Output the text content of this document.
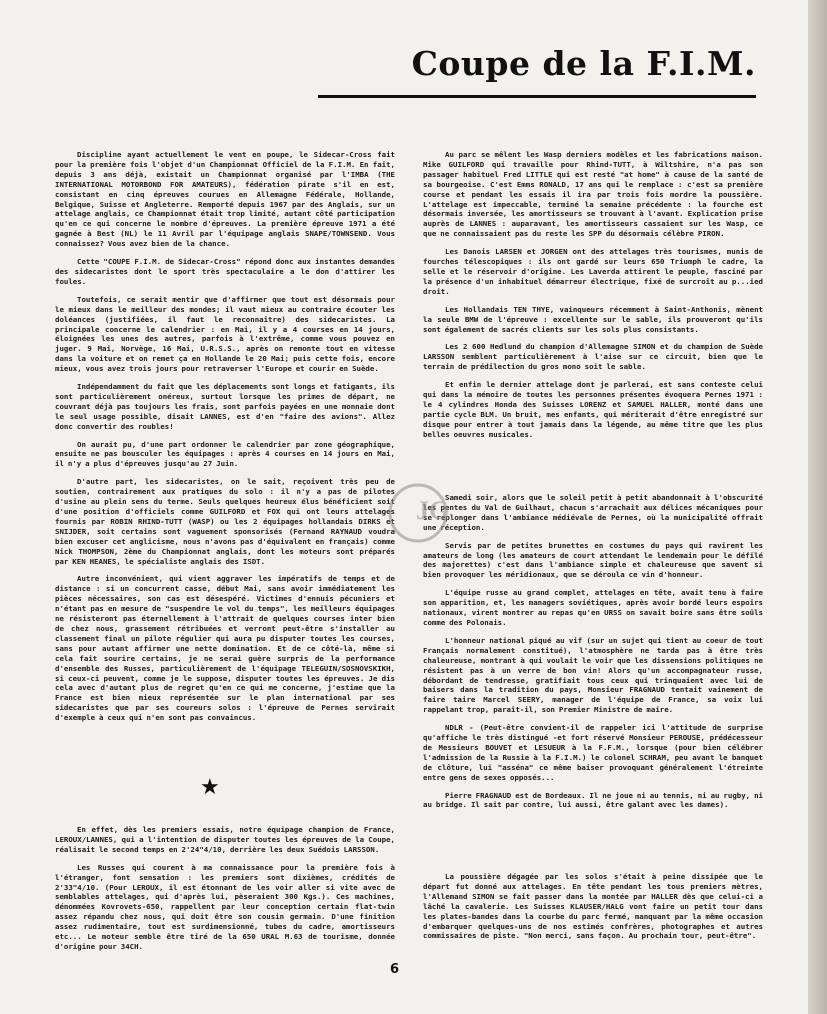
Coupe de la F.I.M.

Discipline ayant actuellement le vent en poupe, le Sidecar-Cross fait pour la première fois l'objet d'un Championnat Officiel de la F.I.M. En fait, depuis 3 ans déjà, existait un Championnat organisé par l'IMBA (THE INTERNATIONAL MOTORBOND FOR AMATEURS), fédération pirate s'il en est, consistant en cinq épreuves courues en Allemagne Fédérale, Hollande, Belgique, Suisse et Angleterre. Remporté depuis 1967 par des Anglais, sur un attelage anglais, ce Championnat était trop limité, autant côté participation qu'en ce qui concerne le nombre d'épreuves. La première épreuve 1971 a été gagnée à Best (NL) le 11 Avril par l'équipage anglais SNAPE/TOWNSEND. Vous connaissez? Vous avez bien de la chance.

Cette "COUPE F.I.M. de Sidecar-Cross" répond donc aux instantes demandes des sidecaristes dont le sport très spectaculaire a le don d'attirer les foules.

Toutefois, ce serait mentir que d'affirmer que tout est désormais pour le mieux dans le meilleur des mondes; il vaut mieux au contraire écouter les doléances (justifiées, il faut le reconnaître) des sidecaristes. La principale concerne le calendrier : en Mai, il y a 4 courses en 14 jours, éloignées les unes des autres, parfois à l'extrême, comme vous pouvez en juger. 9 Mai, Norvège, 16 Mai, U.R.S.S., après on remonte tout en vitesse dans la voiture et on remet ça en Hollande le 20 Mai; puis cette fois, encore mieux, vous avez trois jours pour retraverser l'Europe et courir en Suède.

Indépendamment du fait que les déplacements sont longs et fatigants, ils sont particulièrement onéreux, surtout lorsque les primes de départ, ne couvrant déjà pas toujours les frais, sont parfois payées en une monnaie dont le seul usage possible, disait LANNES, est d'en "faire des avions". Allez donc convertir des roubles!

On aurait pu, d'une part ordonner le calendrier par zone géographique, ensuite ne pas bousculer les équipages : après 4 courses en 14 jours en Mai, il n'y a plus d'épreuves jusqu'au 27 Juin.

D'autre part, les sidecaristes, on le sait, reçoivent très peu de soutien, contrairement aux pratiques du solo : il n'y a pas de pilotes d'usine au plein sens du terme. Seuls quelques heureux élus bénéficient soit d'une position d'officiels comme GUILFORD et FOX qui ont leurs attelages fournis par ROBIN RHIND-TUTT (WASP) ou les 2 équipages hollandais DIRKS et SNIJDER, soit certains sont vaguement sponsorisés (Fernand RAYNAUD voudra bien excuser cet anglicisme, nous n'avons pas d'équivalent en français) comme Nick THOMPSON, 2ème du Championnat anglais, dont les moteurs sont préparés par KEN HEANES, le spécialiste anglais des ISDT.

Autre inconvénient, qui vient aggraver les impératifs de temps et de distance : si un concurrent casse, début Mai, sans avoir immédiatement les pièces nécessaires, son cas est désespéré. Victimes d'ennuis pécuniers et n'étant pas en mesure de "suspendre le vol du temps", les meilleurs équipages ne résisteront pas éternellement à l'attrait de quelques courses inter bien de chez nous, grassement rétribuées et verront peut-être s'installer au classement final un pilote régulier qui aura pu disputer toutes les courses, sans pour autant affirmer une nette domination. Et de ce côté-là, même si cela fait sourire certains, je ne serai guère surpris de la performance d'ensemble des Russes, particulièrement de l'équipage TELEGUIN/SOSNOVSKIKH, si ceux-ci peuvent, comme je le suppose, disputer toutes les épreuves. Je dis cela avec d'autant plus de regret qu'en ce qui me concerne, j'estime que la France est bien mieux représentée sur le plan international par ses sidecaristes que par ses coureurs solos : l'épreuve de Pernes servirait d'exemple à ceux qui n'en sont pas convaincus.

★

En effet, dès les premiers essais, notre équipage champion de France, LEROUX/LANNES, qui a l'intention de disputer toutes les épreuves de la Coupe, réalisait le second temps en 2'24"4/10, derrière les deux Suédois LARSSON.

Les Russes qui courent à ma connaissance pour la première fois à l'étranger, font sensation : les premiers sont dixièmes, crédités de 2'33"4/10. (Pour LEROUX, il est étonnant de les voir aller si vite avec de semblables attelages, qui d'après lui, pèseraient 300 Kgs.). Ces machines, dénommées Kovrovets-650, rappellent par leur conception certain flat-twin assez répandu chez nous, qui doit être son cousin germain. D'une finition assez rudimentaire, tout est surdimensionné, tubes du cadre, amortisseurs etc... Le moteur semble être tiré de la 650 URAL M.63 de tourisme, donnée d'origine pour 34CH.

Au parc se mêlent les Wasp derniers modèles et les fabrications maison. Mike GUILFORD qui travaille pour Rhind-TUTT, à Wiltshire, n'a pas son passager habituel Fred LITTLE qui est resté "at home" à cause de la santé de sa bourgeoise. C'est Emms RONALD, 17 ans qui le remplace : c'est sa première course et pendant les essais il ira par trois fois mordre la poussière. L'attelage est impeccable, terminé la semaine précédente : la fourche est désormais inversée, les amortisseurs se trouvant à l'avant. Explication prise auprès de LANNES : auparavant, les amortisseurs cassaient sur les Wasp, ce que ne connaissaient pas du reste les SPP du désormais célèbre PIRON.

Les Danois LARSEN et JORGEN ont des attelages très tourismes, munis de fourches télescopiques : ils ont gardé sur leurs 650 Triumph le cadre, la selle et le réservoir d'origine. Les Laverda attirent le peuple, fasciné par la présence d'un inhabituel démarreur électrique, fixé de surcroît au p...ied droit.

Les Hollandais TEN THYE, vainqueurs récemment à Saint-Anthonis, mènent la seule BMW de l'épreuve : excellente sur le sable, ils prouveront qu'ils sont également de sacrés clients sur les sols plus consistants.

Les 2 600 Hedlund du champion d'Allemagne SIMON et du champion de Suède LARSSON semblent particulièrement à l'aise sur ce circuit, bien que le terrain de prédilection du gros mono soit le sable.

Et enfin le dernier attelage dont je parlerai, est sans conteste celui qui dans la mémoire de toutes les personnes présentes évoquera Pernes 1971 : le 4 cylindres Honda des Suisses LORENZ et SAMUEL HALLER, monté dans une partie cycle BLM. Un bruit, mes enfants, qui mériterait d'être enregistré sur disque pour entrer à tout jamais dans la légende, au même titre que les plus belles oeuvres musicales.

Samedi soir, alors que le soleil petit à petit abandonnait à l'obscurité les pentes du Val de Guilhaut, chacun s'arrachait aux délices mécaniques pour se replonger dans l'ambiance médiévale de Pernes, où la municipalité offrait une réception.

Servis par de petites brunettes en costumes du pays qui ravirent les amateurs de long (les amateurs de court attendant le lendemain pour le défilé des majorettes) c'est dans l'ambiance simple et chaleureuse que savent si bien provoquer les méridionaux, que se déroula ce vin d'honneur.

L'équipe russe au grand complet, attelages en tête, avait tenu à faire son apparition, et, les managers soviétiques, après avoir bordé leurs espoirs nationaux, virent montrer au repas qu'en URSS on savait boire sans être soûls comme des Polonais.

L'honneur national piqué au vif (sur un sujet qui tient au coeur de tout Français normalement constitué), l'atmosphère ne tarda pas à être très chaleureuse, montrant à qui voulait le voir que les dissensions politiques ne résistent pas à un verre de bon vin! Alors qu'un accompagnateur russe, débordant de tendresse, gratifiait tous ceux qui trinquaient avec lui de baisers dans la tradition du pays, Monsieur FRAGNAUD tentait vainement de faire taire Marcel SEERY, manager de l'équipe de France, sa voix lui rappelant trop, paraît-il, son Premier Ministre de maire.

NDLR - (Peut-être convient-il de rappeler ici l'attitude de surprise qu'affiche le très distingué -et fort réservé Monsieur PEROUSE, prédécesseur de Messieurs BOUVET et LESUEUR à la F.F.M., lorsque (pour bien célébrer l'admission de la Russie à la F.I.M.) le colonel SCHRAM, peu avant le banquet de clôture, lui "asséna" ce même baiser provoquant généralement l'étreinte entre gens de sexes opposés...

Pierre FRAGNAUD est de Bordeaux. Il ne joue ni au tennis, ni au rugby, ni au bridge. Il sait par contre, lui aussi, être galant avec les dames).

La poussière dégagée par les solos s'était à peine dissipée que le départ fut donné aux attelages. En tête pendant les tous premiers mètres, l'Allemand SIMON se fait passer dans la montée par HALLER dès que celui-ci a lâché la cavalerie. Les Suisses KLAUSER/HALG vont faire un petit tour dans les plates-bandes dans la courbe du parc fermé, manquant par la même occasion d'embarquer quelques-uns de nos estimés confrères, photographes et autres commissaires de piste. "Non merci, sans façon. Au prochain tour, peut-être".

JG
6
